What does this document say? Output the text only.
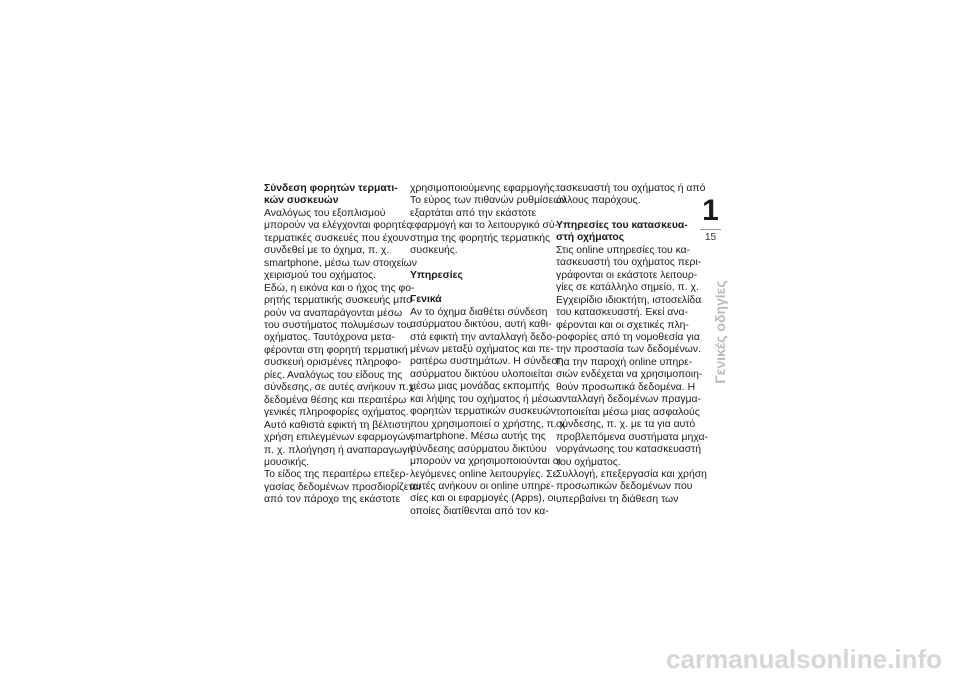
Σύνδεση φορητών τερματι-
κών συσκευών
Αναλόγως του εξοπλισμού
μπορούν να ελέγχονται φορητές
τερματικές συσκευές που έχουν
συνδεθεί με το όχημα, π. χ.
smartphone, μέσω των στοιχείων
χειρισμού του οχήματος.
Εδώ, η εικόνα και ο ήχος της φο-
ρητής τερματικής συσκευής μπο-
ρούν να αναπαράγονται μέσω
του συστήματος πολυμέσων του
οχήματος. Ταυτόχρονα μετα-
φέρονται στη φορητή τερματική
συσκευή ορισμένες πληροφο-
ρίες. Αναλόγως του είδους της
σύνδεσης, σε αυτές ανήκουν π.χ.
δεδομένα θέσης και περαιτέρω
γενικές πληροφορίες οχήματος.
Αυτό καθιστά εφικτή τη βέλτιστη
χρήση επιλεγμένων εφαρμογών,
π. χ. πλοήγηση ή αναπαραγωγή
μουσικής.
Το είδος της περαιτέρω επεξερ-
γασίας δεδομένων προσδιορίζεται
από τον πάροχο της εκάστοτε
χρησιμοποιούμενης εφαρμογής.
Το εύρος των πιθανών ρυθμίσεων
εξαρτάται από την εκάστοτε
εφαρμογή και το λειτουργικό σύ-
στημα της φορητής τερματικής
συσκευής.
Υπηρεσίες
Γενικά
Αν το όχημα διαθέτει σύνδεση
ασύρματου δικτύου, αυτή καθι-
στά εφικτή την ανταλλαγή δεδο-
μένων μεταξύ οχήματος και πε-
ραιτέρω συστημάτων. Η σύνδεση
ασύρματου δικτύου υλοποιείται
μέσω μιας μονάδας εκπομπής
και λήψης του οχήματος ή μέσω
φορητών τερματικών συσκευών
που χρησιμοποιεί ο χρήστης, π. χ.
smartphone. Μέσω αυτής της
σύνδεσης ασύρματου δικτύου
μπορούν να χρησιμοποιούνται οι
λεγόμενες online λειτουργίες. Σε
αυτές ανήκουν οι online υπηρε-
σίες και οι εφαρμογές (Apps), οι
οποίες διατίθενται από τον κα-
τασκευαστή του οχήματος ή από
άλλους παρόχους.
Υπηρεσίες του κατασκευα-
στή οχήματος
Στις online υπηρεσίες του κα-
τασκευαστή του οχήματος περι-
γράφονται οι εκάστοτε λειτουρ-
γίες σε κατάλληλο σημείο, π. χ.
Εγχειρίδιο ιδιοκτήτη, ιστοσελίδα
του κατασκευαστή. Εκεί ανα-
φέρονται και οι σχετικές πλη-
ροφορίες από τη νομοθεσία για
την προστασία των δεδομένων.
Για την παροχή online υπηρε-
σιών ενδέχεται να χρησιμοποιη-
θούν προσωπικά δεδομένα. Η
ανταλλαγή δεδομένων πραγμα-
τοποιείται μέσω μιας ασφαλούς
σύνδεσης, π. χ. με τα για αυτό
προβλεπόμενα συστήματα μηχα-
νοργάνωσης του κατασκευαστή
του οχήματος.
Συλλογή, επεξεργασία και χρήση
προσωπικών δεδομένων που
υπερβαίνει τη διάθεση των
1
15
Γενικές οδηγίες
carmanualsonline.info
